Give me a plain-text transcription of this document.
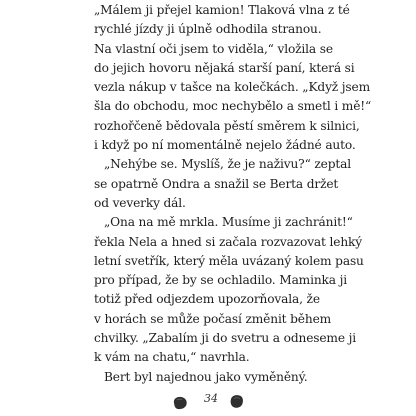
„Málem ji přejel kamion! Tlaková vlna z té
rychlé jízdy ji úplně odhodila stranou.
Na vlastní oči jsem to viděla,“ vložila se
do jejich hovoru nějaká starší paní, která si
vezla nákup v tašce na kolečkách. „Když jsem
šla do obchodu, moc nechybělo a smetl i mě!“
rozhořčeně bědovala pěstí směrem k silnici,
i když po ní momentálně nejelo žádné auto.
„Nehýbe se. Myslíš, že je naživu?“ zeptal
se opatrně Ondra a snažil se Berta držet
od veverky dál.
„Ona na mě mrkla. Musíme ji zachránit!“
řekla Nela a hned si začala rozvazovat lehký
letní svetřík, který měla uvázaný kolem pasu
pro případ, že by se ochladilo. Maminka ji
totiž před odjezdem upozorňovala, že
v horách se může počasí změnit během
chvilky. „Zabalím ji do svetru a odneseme ji
k vám na chatu,“ navrhla.
Bert byl najednou jako vyměněný.
34
